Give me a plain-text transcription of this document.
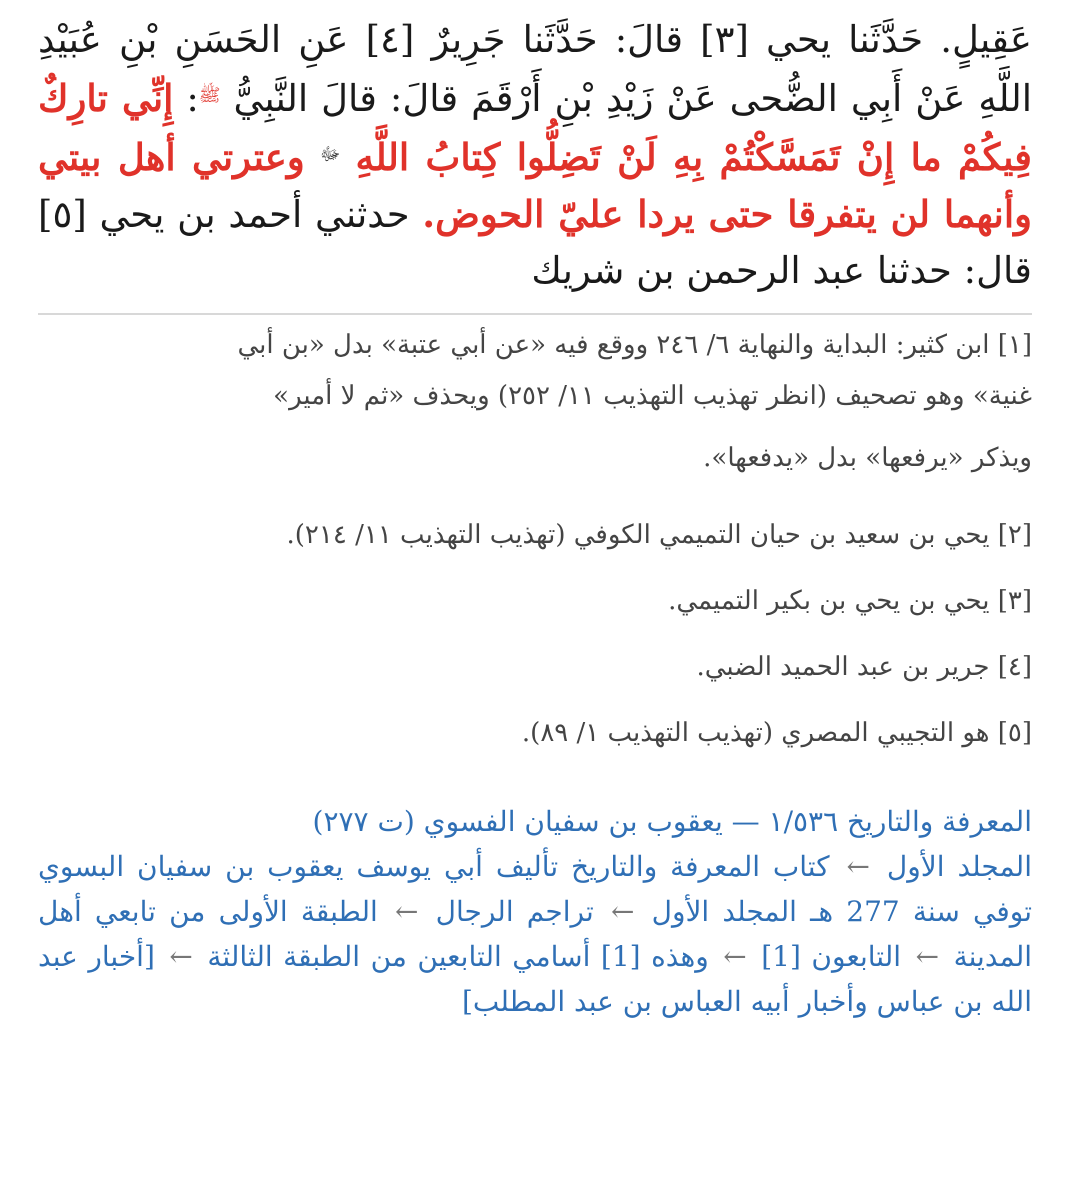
عَقِيلٍ. حَدَّثَنا يحي [٣] قالَ: حَدَّثَنا جَرِيرٌ [٤] عَنِ الحَسَنِ بْنِ عُبَيْدِ اللَّهِ عَنْ أَبِي الضُّحى عَنْ زَيْدِ بْنِ أَرْقَمَ قالَ: قالَ النَّبِيُّ $^ﷺ$: إِنِّي تارِكٌ فِيكُمْ ما إِنْ تَمَسَّكْتُمْ بِهِ لَنْ تَضِلُّوا كِتابُ اللَّهِ $^ﷻ$ وعترتي أهل بيتي وأنهما لن يتفرقا حتى يردا عليّ الحوض. حدثني أحمد بن يحي [٥] قال: حدثنا عبد الرحمن بن شريك
[١] ابن كثير: البداية والنهاية ٦/ ٢٤٦ ووقع فيه «عن أبي عتبة» بدل «بن أبي
غنية» وهو تصحيف (انظر تهذيب التهذيب ١١/ ٢٥٢) ويحذف «ثم لا أمير»
ويذكر «يرفعها» بدل «يدفعها».
[٢] يحي بن سعيد بن حيان التميمي الكوفي (تهذيب التهذيب ١١/ ٢١٤).
[٣] يحي بن يحي بن بكير التميمي.
[٤] جرير بن عبد الحميد الضبي.
[٥] هو التجيبي المصري (تهذيب التهذيب ١/ ٨٩).
المعرفة والتاريخ ١/٥٣٦ — يعقوب بن سفيان الفسوي (ت ٢٧٧)
المجلد الأول ← كتاب المعرفة والتاريخ تأليف أبي يوسف يعقوب بن سفيان البسوي توفي سنة 277 هـ المجلد الأول ← تراجم الرجال ← الطبقة الأولى من تابعي أهل المدينة ← التابعون [1] ← وهذه [1] أسامي التابعين من الطبقة الثالثة ← [أخبار عبد الله بن عباس وأخبار أبيه العباس بن عبد المطلب]
